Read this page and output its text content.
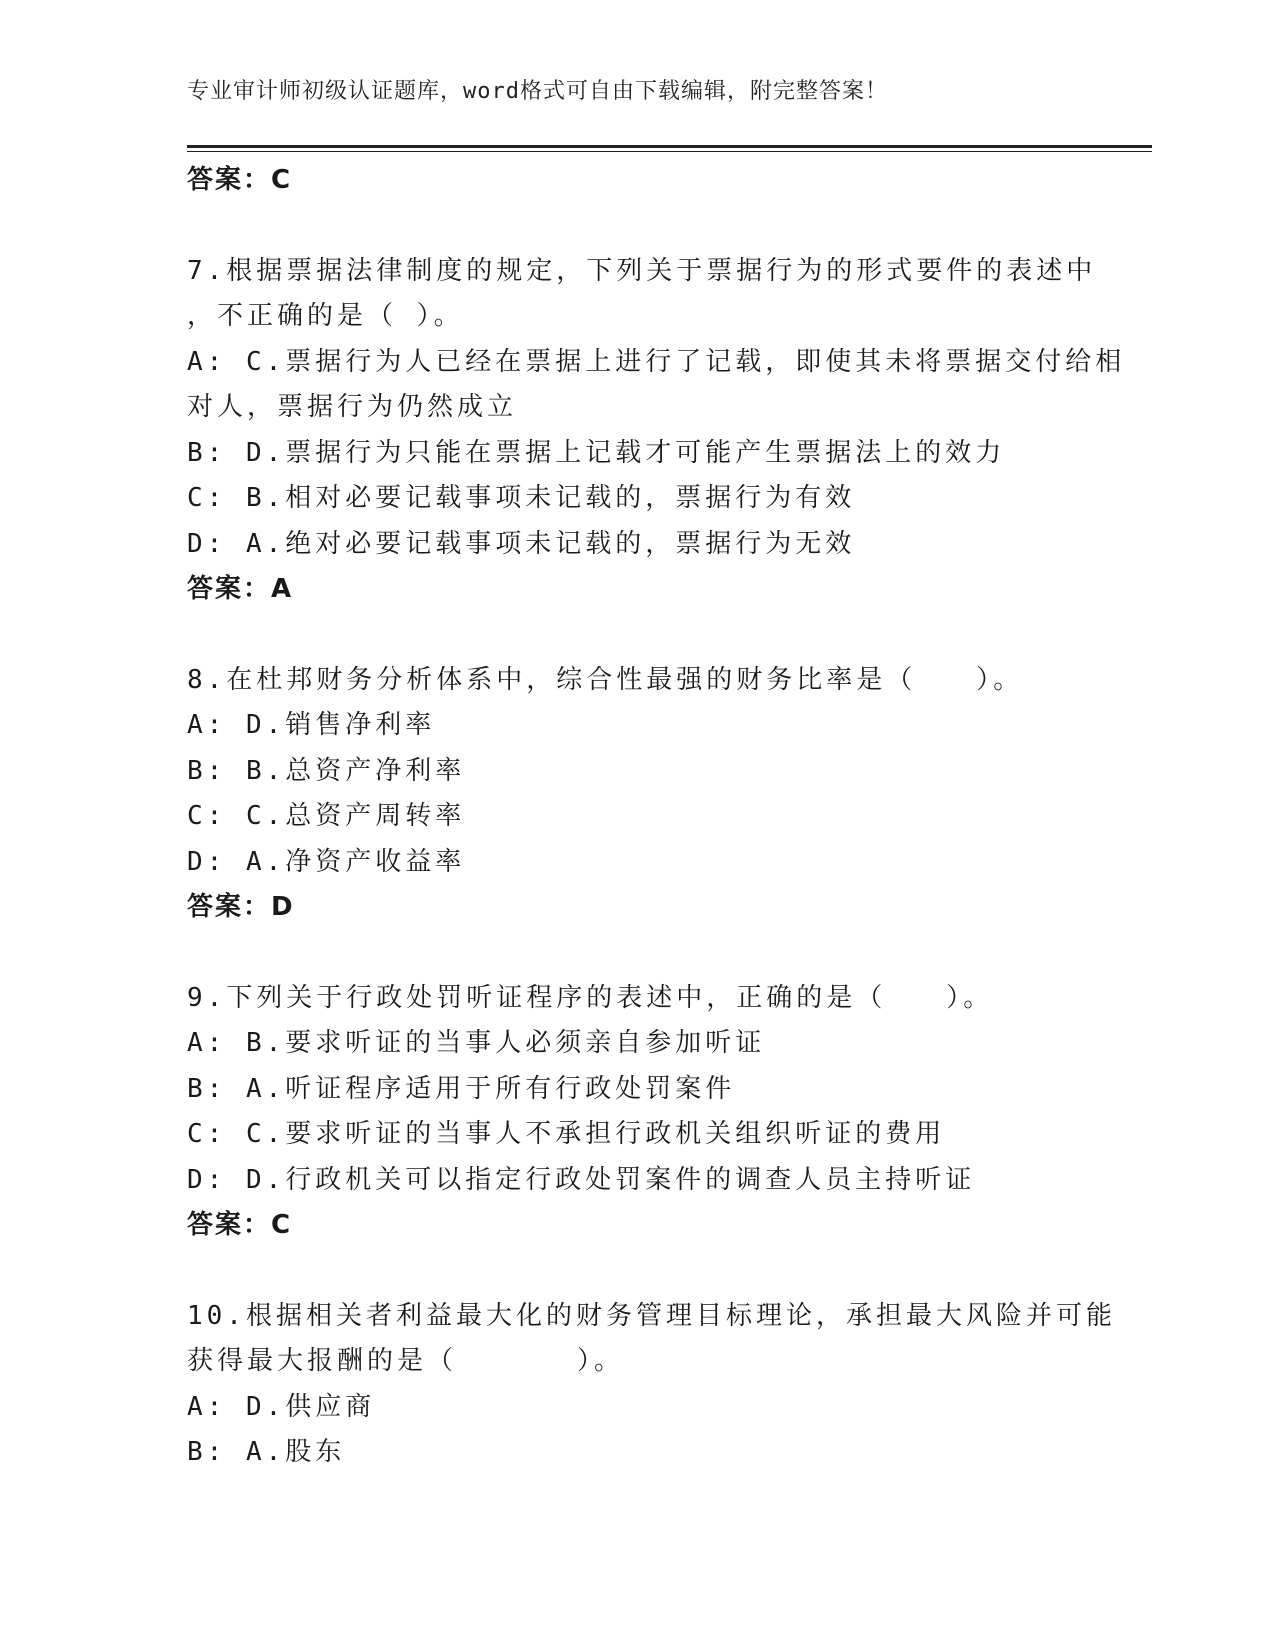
专业审计师初级认证题库，word格式可自由下载编辑，附完整答案！
答案：C
7.根据票据法律制度的规定，下列关于票据行为的形式要件的表述中
，不正确的是（ ）。
A: C.票据行为人已经在票据上进行了记载，即使其未将票据交付给相
对人，票据行为仍然成立
B: D.票据行为只能在票据上记载才可能产生票据法上的效力
C: B.相对必要记载事项未记载的，票据行为有效
D: A.绝对必要记载事项未记载的，票据行为无效
答案：A
8.在杜邦财务分析体系中，综合性最强的财务比率是（　　）。
A: D.销售净利率
B: B.总资产净利率
C: C.总资产周转率
D: A.净资产收益率
答案：D
9.下列关于行政处罚听证程序的表述中，正确的是（　　）。
A: B.要求听证的当事人必须亲自参加听证
B: A.听证程序适用于所有行政处罚案件
C: C.要求听证的当事人不承担行政机关组织听证的费用
D: D.行政机关可以指定行政处罚案件的调查人员主持听证
答案：C
10.根据相关者利益最大化的财务管理目标理论，承担最大风险并可能
获得最大报酬的是（　　　　）。
A: D.供应商
B: A.股东
